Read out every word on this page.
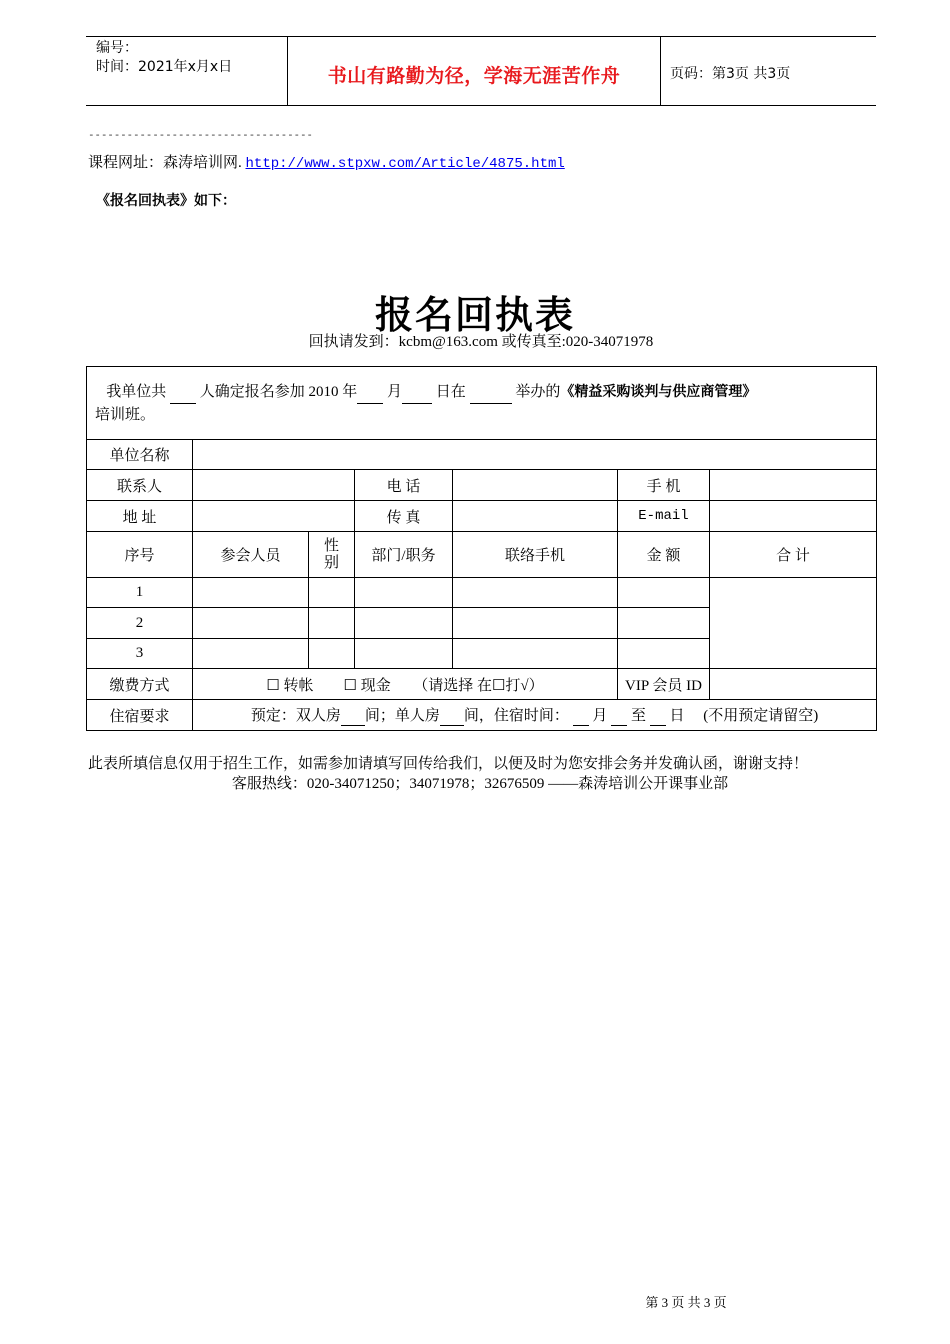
编号：
时间：2021年x月x日	书山有路勤为径，学海无涯苦作舟	页码：第3页 共3页
-----------------------------------
课程网址：森涛培训网. http://www.stpxw.com/Article/4875.html
《报名回执表》如下：
报名回执表
回执请发到：kcbm@163.com 或传真至:020-34071978
我单位共 人确定报名参加 2010 年 月 日在 举办的《精益采购谈判与供应商管理》
培训班。						
单位名称						
联系人			电 话		手 机	
地 址			传 真		E-mail	
序号	参会人员	性别	部门/职务	联络手机	金 额	合 计
1						
2						
3						
缴费方式	☐ 转帐 ☐ 现金 （请选择 在☐打√）				VIP 会员 ID	
住宿要求	预定：双人房 间；单人房 间，住宿时间： 月 至 日 (不用预定请留空)					
此表所填信息仅用于招生工作，如需参加请填写回传给我们，以便及时为您安排会务并发确认函，谢谢支持！
客服热线：020-34071250；34071978；32676509 ——森涛培训公开课事业部
第 3 页 共 3 页
